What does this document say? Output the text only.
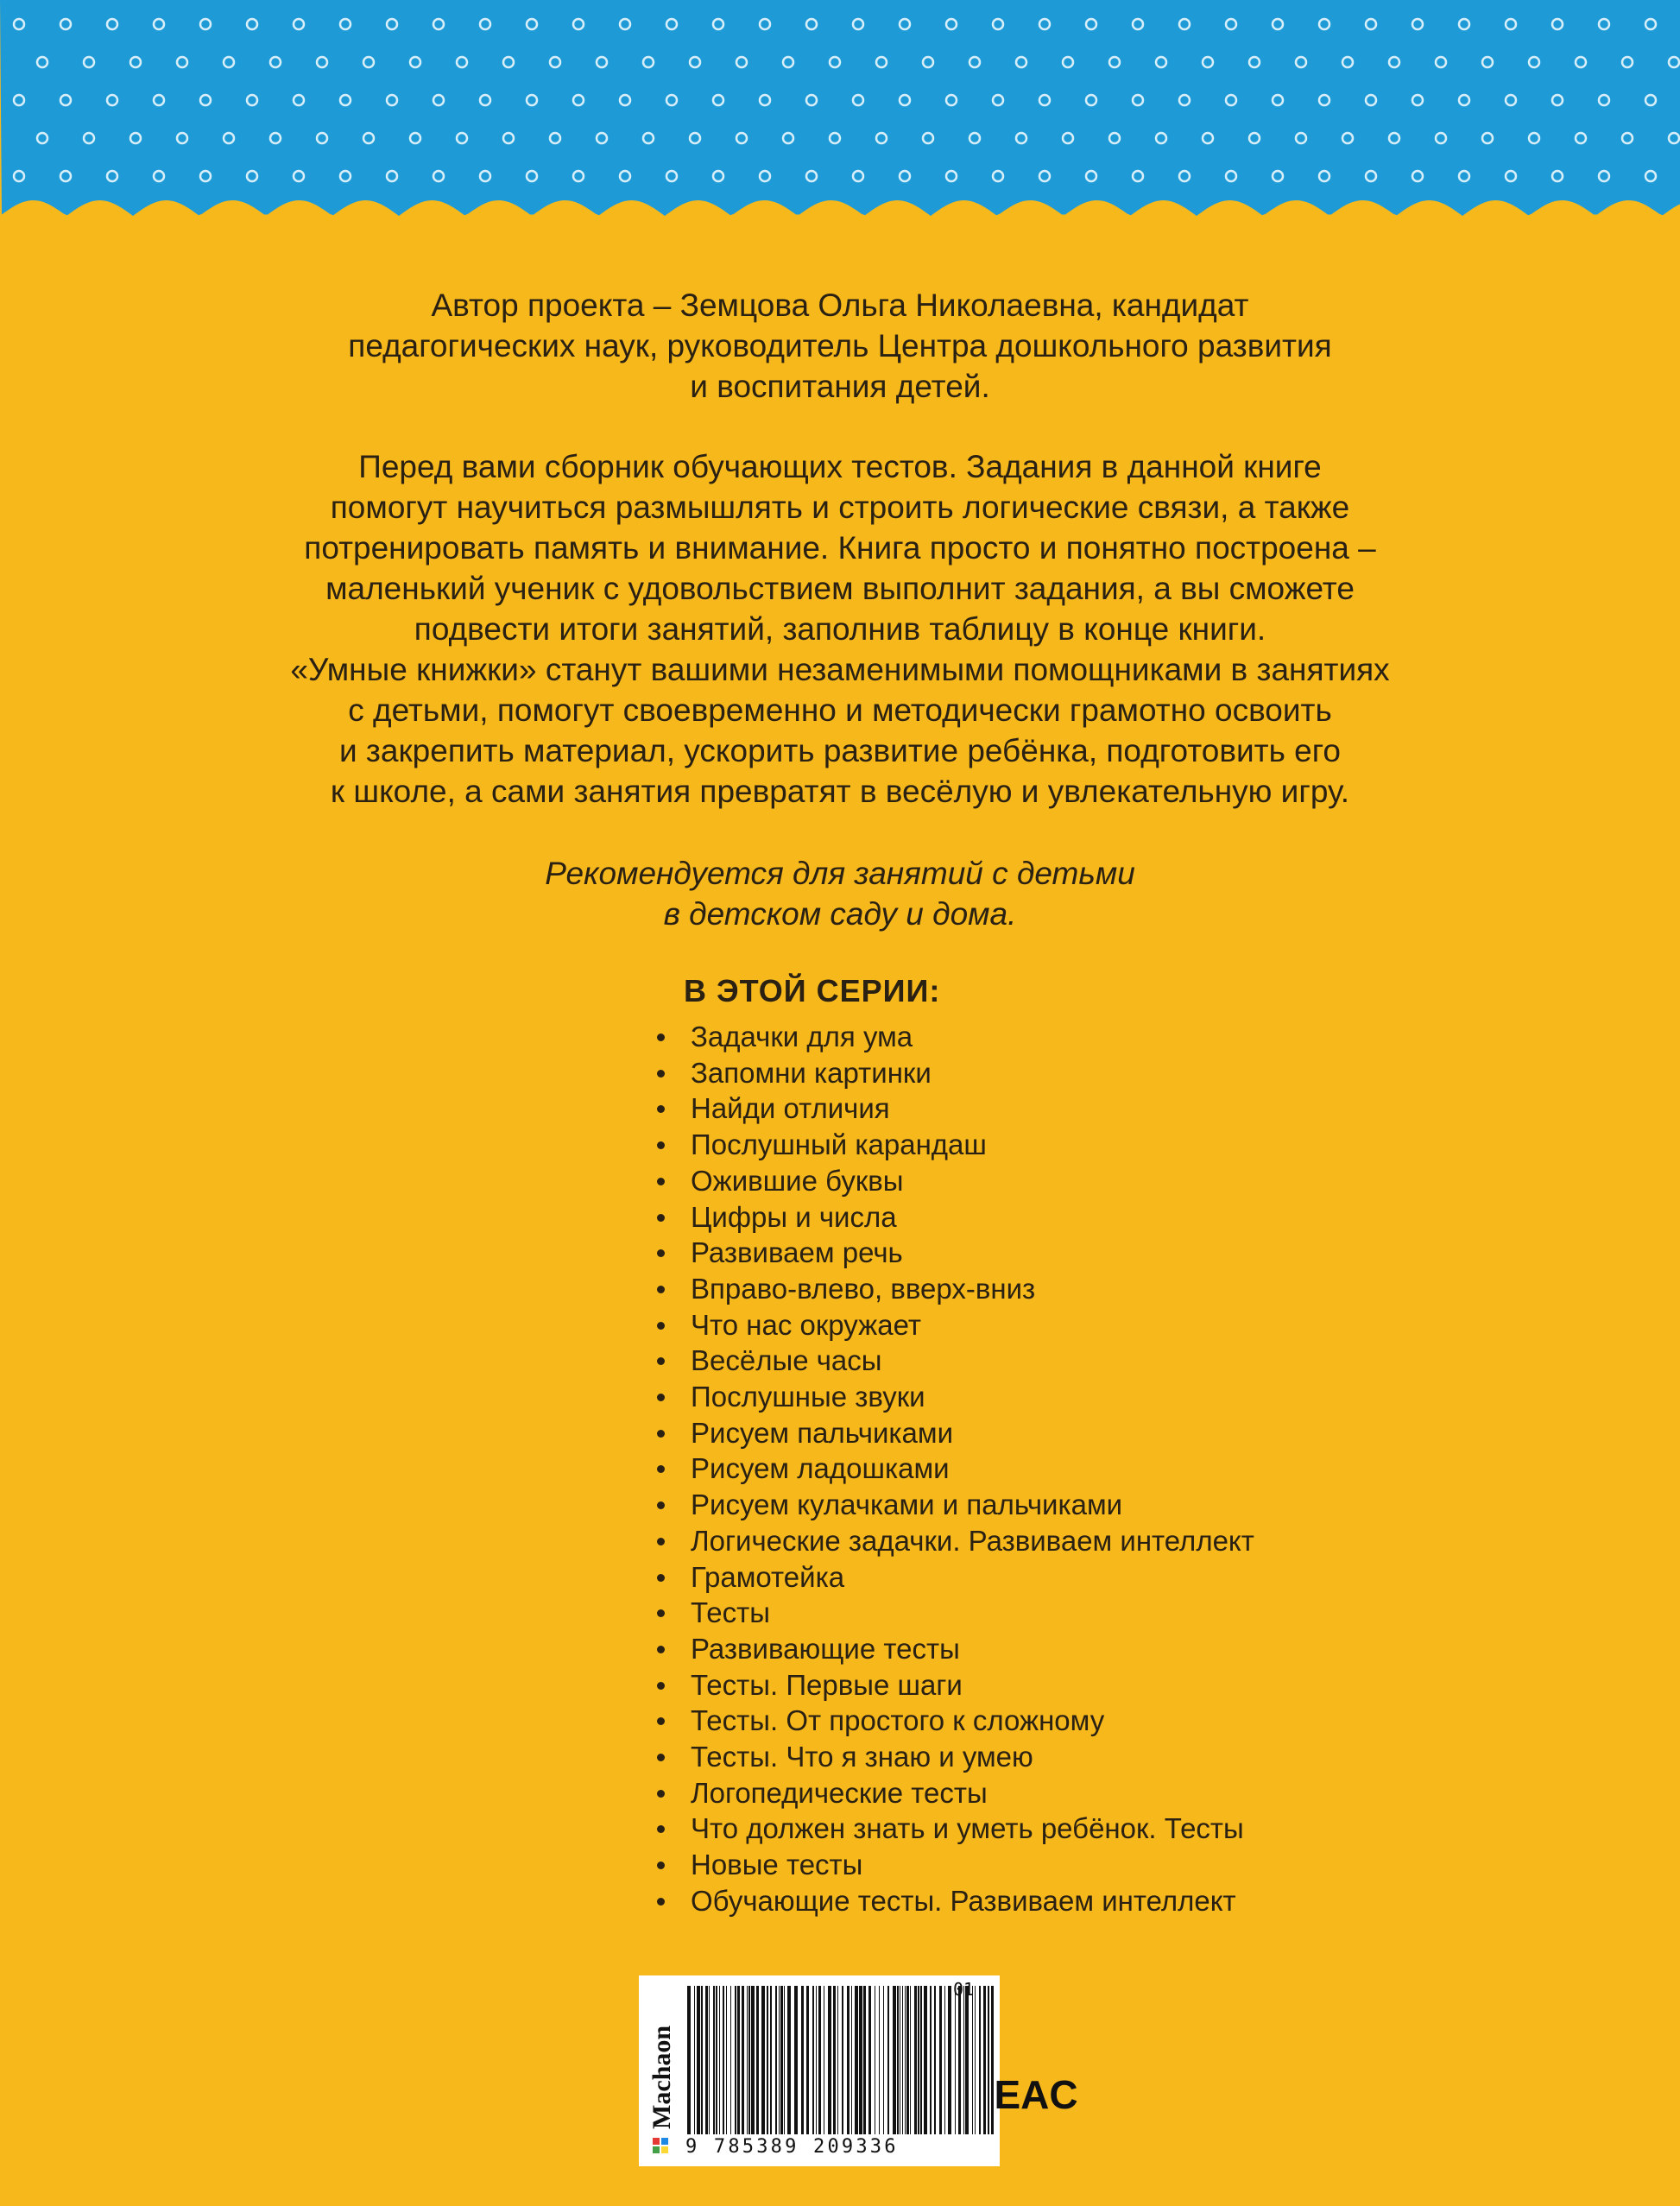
Автор проекта – Земцова Ольга Николаевна, кандидат
педагогических наук, руководитель Центра дошкольного развития
и воспитания детей.
Перед вами сборник обучающих тестов. Задания в данной книге
помогут научиться размышлять и строить логические связи, а также
потренировать память и внимание. Книга просто и понятно построена –
маленький ученик с удовольствием выполнит задания, а вы сможете
подвести итоги занятий, заполнив таблицу в конце книги.
«Умные книжки» станут вашими незаменимыми помощниками в занятиях
с детьми, помогут своевременно и методически грамотно освоить
и закрепить материал, ускорить развитие ребёнка, подготовить его
к школе, а сами занятия превратят в весёлую и увлекательную игру.
Рекомендуется для занятий с детьми
в детском саду и дома.
В ЭТОЙ СЕРИИ:
Задачки для ума
Запомни картинки
Найди отличия
Послушный карандаш
Ожившие буквы
Цифры и числа
Развиваем речь
Вправо-влево, вверх-вниз
Что нас окружает
Весёлые часы
Послушные звуки
Рисуем пальчиками
Рисуем ладошками
Рисуем кулачками и пальчиками
Логические задачки. Развиваем интеллект
Грамотейка
Тесты
Развивающие тесты
Тесты. Первые шаги
Тесты. От простого к сложному
Тесты. Что я знаю и умею
Логопедические тесты
Что должен знать и уметь ребёнок. Тесты
Новые тесты
Обучающие тесты. Развиваем интеллект
Machaon
9 785389 209336
01
EAC
